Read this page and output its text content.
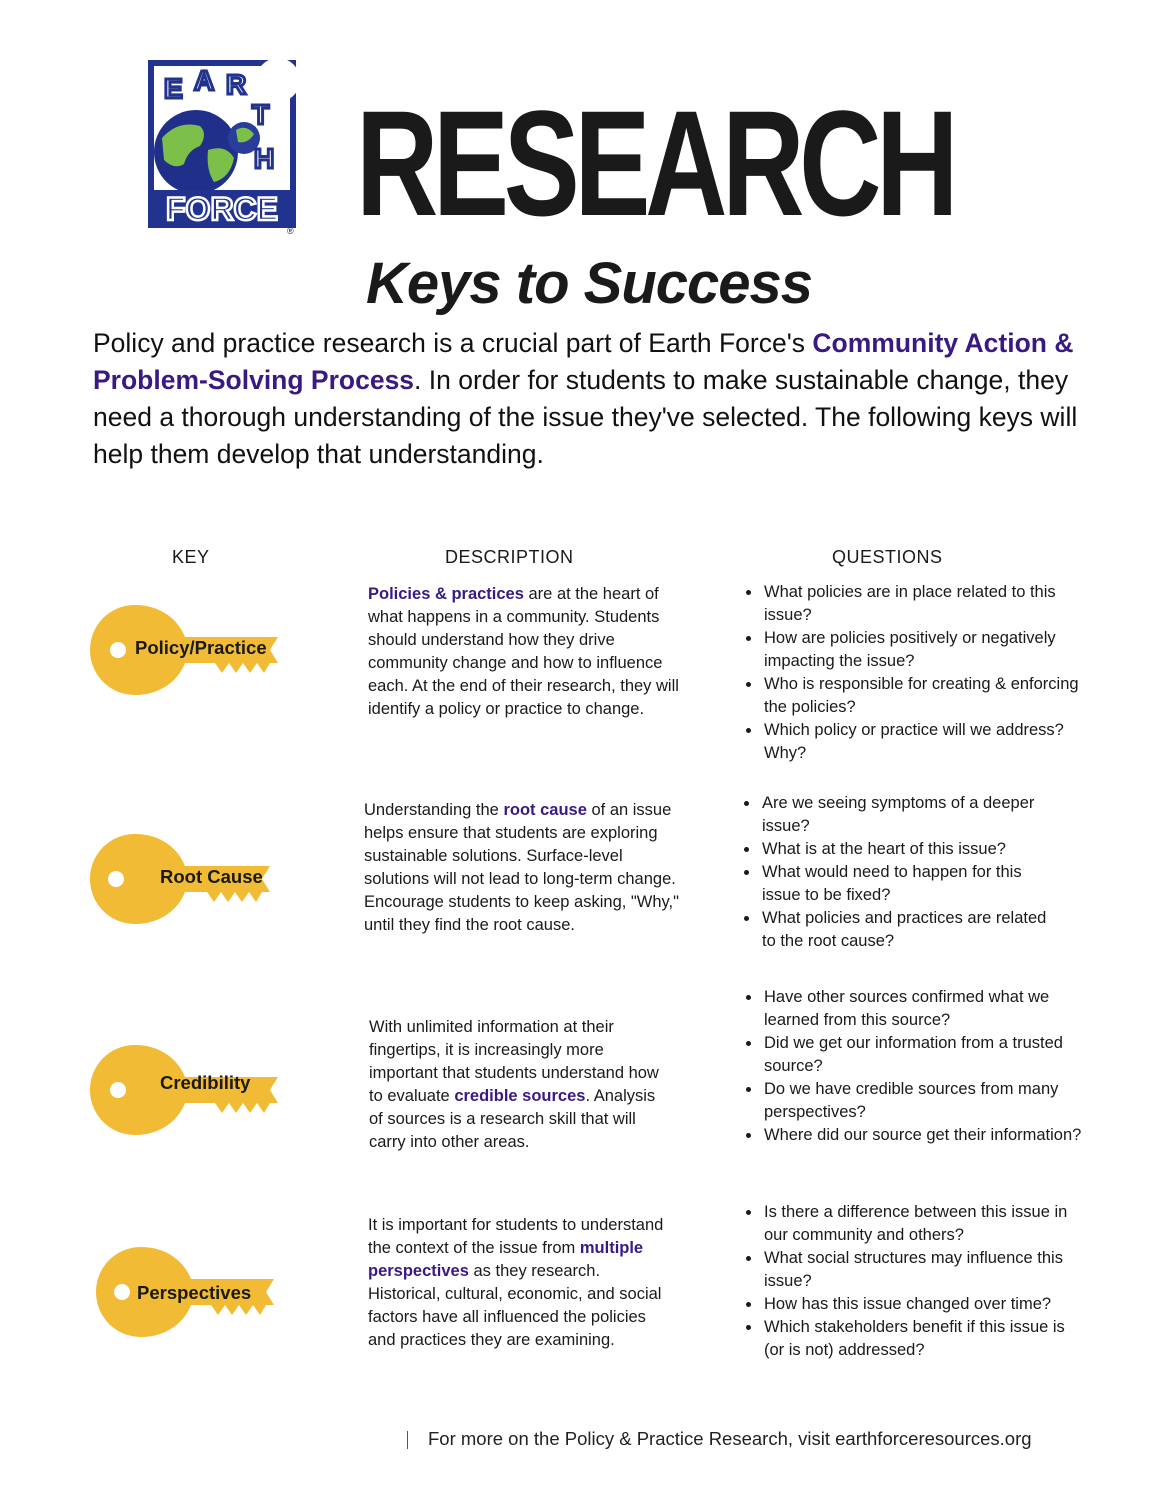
E A R
T
H
FORCE
® RESEARCH
Keys to Success
Policy and practice research is a crucial part of Earth Force's Community Action & Problem-Solving Process. In order for students to make sustainable change, they need a thorough understanding of the issue they've selected. The following keys will help them develop that understanding.
KEY	DESCRIPTION	QUESTIONS
Policy/Practice
Policies & practices are at the heart of what happens in a community. Students should understand how they drive community change and how to influence each. At the end of their research, they will identify a policy or practice to change.
What policies are in place related to this issue?
How are policies positively or negatively impacting the issue?
Who is responsible for creating & enforcing the policies?
Which policy or practice will we address? Why?
Root Cause
Understanding the root cause of an issue helps ensure that students are exploring sustainable solutions. Surface-level solutions will not lead to long-term change. Encourage students to keep asking, "Why," until they find the root cause.
Are we seeing symptoms of a deeper issue?
What is at the heart of this issue?
What would need to happen for this issue to be fixed?
What policies and practices are related to the root cause?
Credibility
With unlimited information at their fingertips, it is increasingly more important that students understand how to evaluate credible sources. Analysis of sources is a research skill that will carry into other areas.
Have other sources confirmed what we learned from this source?
Did we get our information from a trusted source?
Do we have credible sources from many perspectives?
Where did our source get their information?
Perspectives
It is important for students to understand the context of the issue from multiple perspectives as they research. Historical, cultural, economic, and social factors have all influenced the policies and practices they are examining.
Is there a difference between this issue in our community and others?
What social structures may influence this issue?
How has this issue changed over time?
Which stakeholders benefit if this issue is (or is not) addressed?
For more on the Policy & Practice Research, visit earthforceresources.org
